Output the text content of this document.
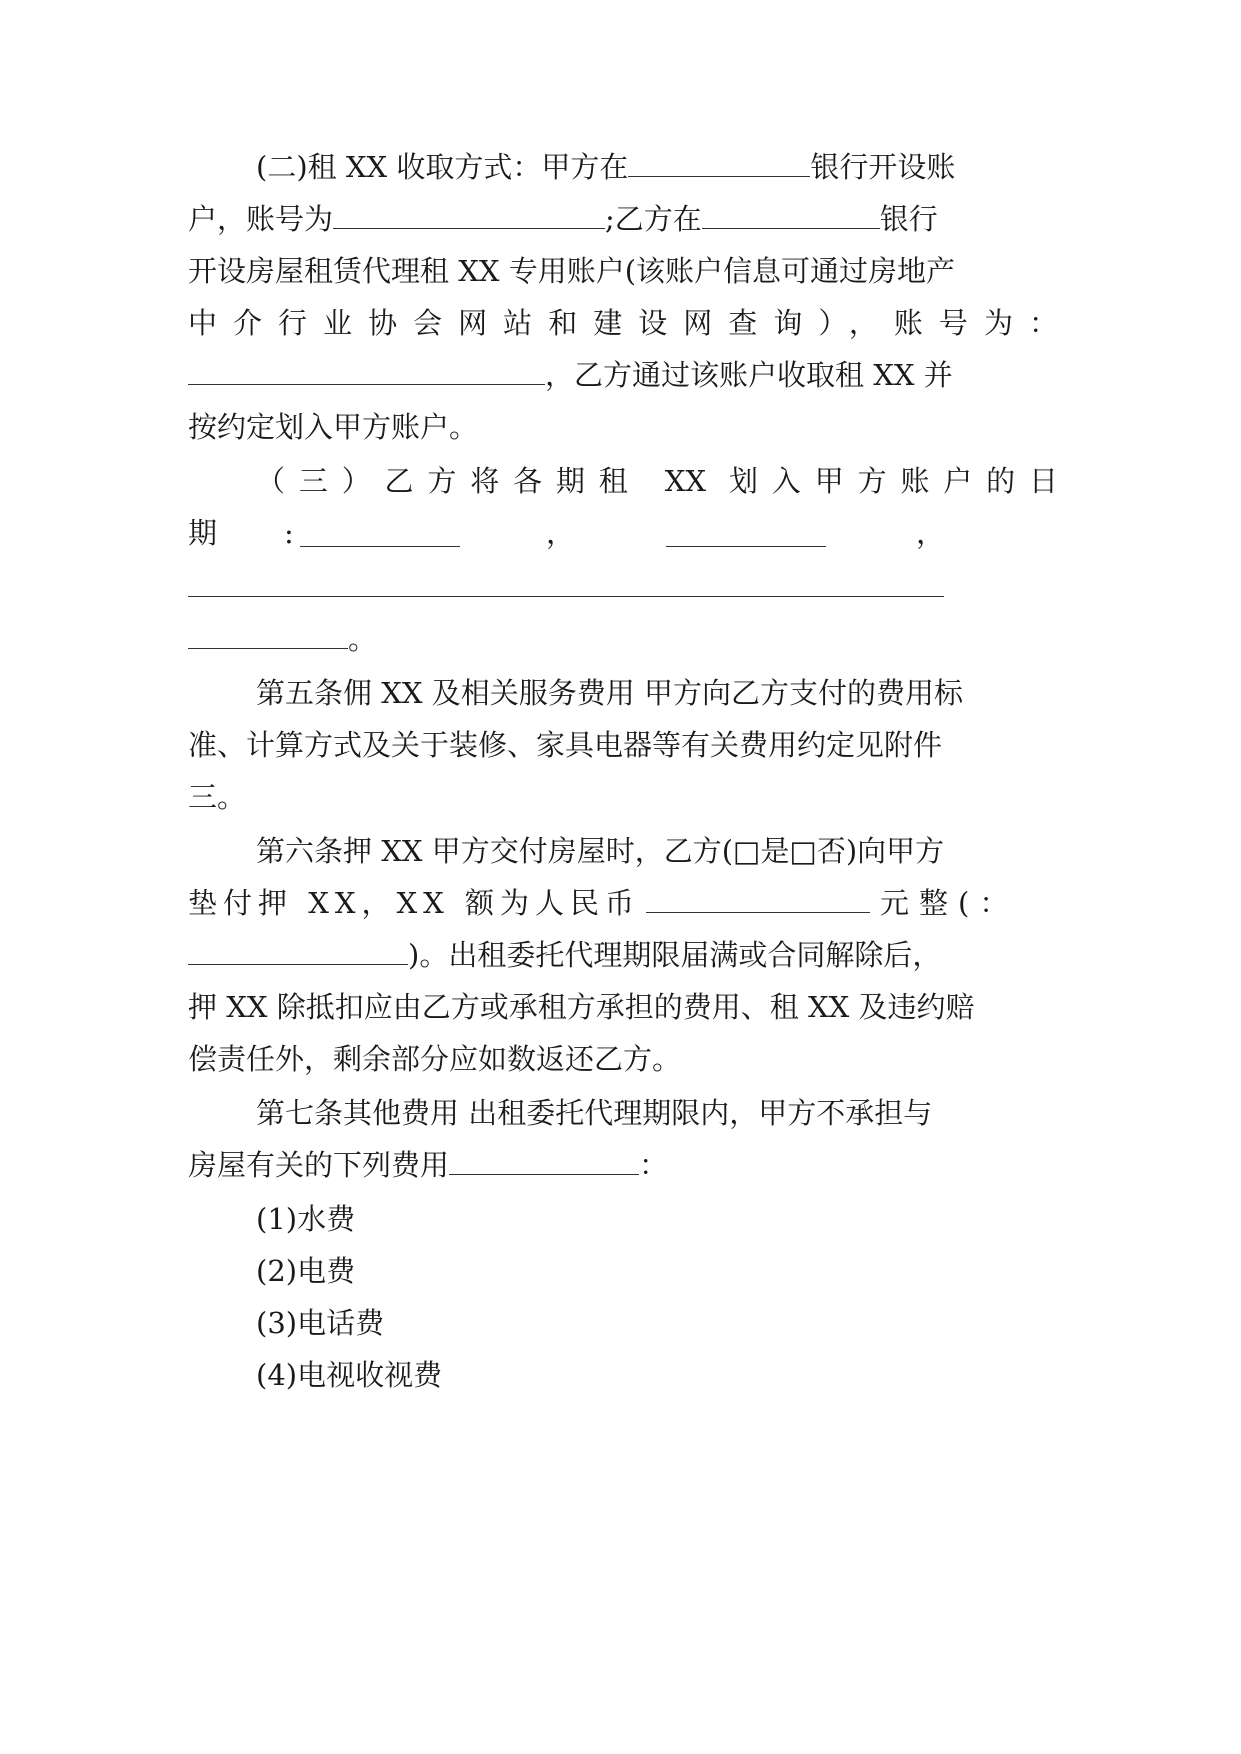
(二)租 XX 收取方式：甲方在	银行开设账
户，账号为	;乙方在	银行
开设房屋租赁代理租 XX 专用账户(该账户信息可通过房地产
中介行业协会网站和建设网查询），账号为：
，乙方通过该账户收取租 XX 并
按约定划入甲方账户。
（三）乙方将各期租 XX 划入甲方账户的日
期 :	，	，
。
第五条佣 XX 及相关服务费用 甲方向乙方支付的费用标
准、计算方式及关于装修、家具电器等有关费用约定见附件
三。
第六条押 XX 甲方交付房屋时，乙方(□是□否)向甲方
垫付押 XX，XX 额为人民币	元整(：
)。出租委托代理期限届满或合同解除后，
押 XX 除抵扣应由乙方或承租方承担的费用、租 XX 及违约赔
偿责任外，剩余部分应如数返还乙方。
第七条其他费用 出租委托代理期限内，甲方不承担与
房屋有关的下列费用	：
(1)水费
(2)电费
(3)电话费
(4)电视收视费
